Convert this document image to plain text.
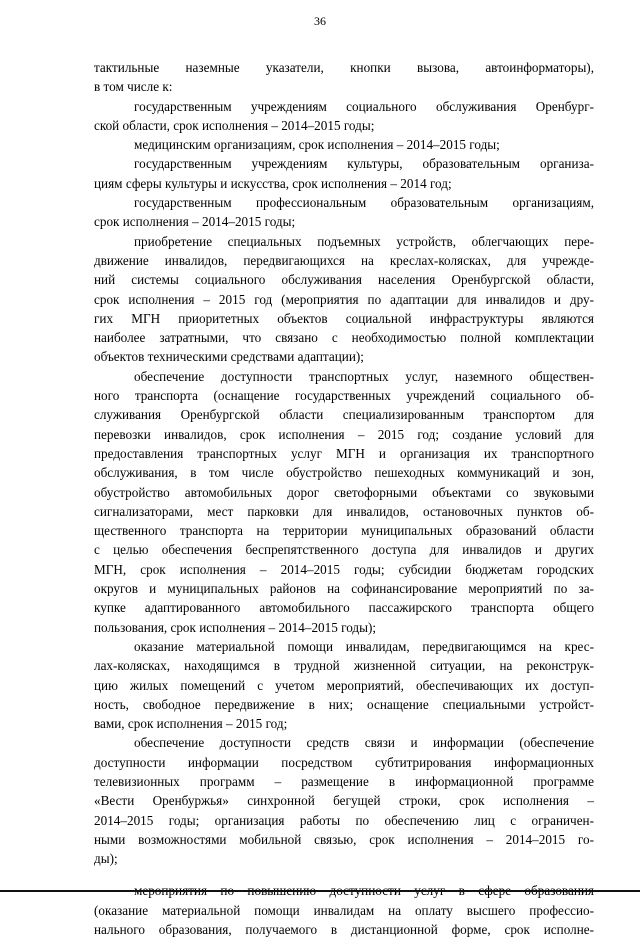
36
тактильные наземные указатели, кнопки вызова, автоинформаторы),
в том числе к:
государственным учреждениям социального обслуживания Оренбург-
ской области, срок исполнения – 2014–2015 годы;
медицинским организациям, срок исполнения – 2014–2015 годы;
государственным учреждениям культуры, образовательным организа-
циям сферы культуры и искусства, срок исполнения – 2014 год;
государственным профессиональным образовательным организациям,
срок исполнения – 2014–2015 годы;
приобретение специальных подъемных устройств, облегчающих пере-
движение инвалидов, передвигающихся на креслах-колясках, для учрежде-
ний системы социального обслуживания населения Оренбургской области,
срок исполнения – 2015 год (мероприятия по адаптации для инвалидов и дру-
гих МГН приоритетных объектов социальной инфраструктуры являются
наиболее затратными, что связано с необходимостью полной комплектации
объектов техническими средствами адаптации);
обеспечение доступности транспортных услуг, наземного обществен-
ного транспорта (оснащение государственных учреждений социального об-
служивания Оренбургской области специализированным транспортом для
перевозки инвалидов, срок исполнения – 2015 год; создание условий для
предоставления транспортных услуг МГН и организация их транспортного
обслуживания, в том числе обустройство пешеходных коммуникаций и зон,
обустройство автомобильных дорог светофорными объектами со звуковыми
сигнализаторами, мест парковки для инвалидов, остановочных пунктов об-
щественного транспорта на территории муниципальных образований области
с целью обеспечения беспрепятственного доступа для инвалидов и других
МГН, срок исполнения – 2014–2015 годы; субсидии бюджетам городских
округов и муниципальных районов на софинансирование мероприятий по за-
купке адаптированного автомобильного пассажирского транспорта общего
пользования, срок исполнения – 2014–2015 годы);
оказание материальной помощи инвалидам, передвигающимся на крес-
лах-колясках, находящимся в трудной жизненной ситуации, на реконструк-
цию жилых помещений с учетом мероприятий, обеспечивающих их доступ-
ность, свободное передвижение в них; оснащение специальными устройст-
вами, срок исполнения – 2015 год;
обеспечение доступности средств связи и информации (обеспечение
доступности информации посредством субтитрирования информационных
телевизионных программ – размещение в информационной программе
«Вести Оренбуржья» синхронной бегущей строки, срок исполнения –
2014–2015 годы; организация работы по обеспечению лиц с ограничен-
ными возможностями мобильной связью, срок исполнения – 2014–2015 го-
ды);
(оказание материальной помощи инвалидам на оплату высшего профессио-
нального образования, получаемого в дистанционной форме, срок исполне-
